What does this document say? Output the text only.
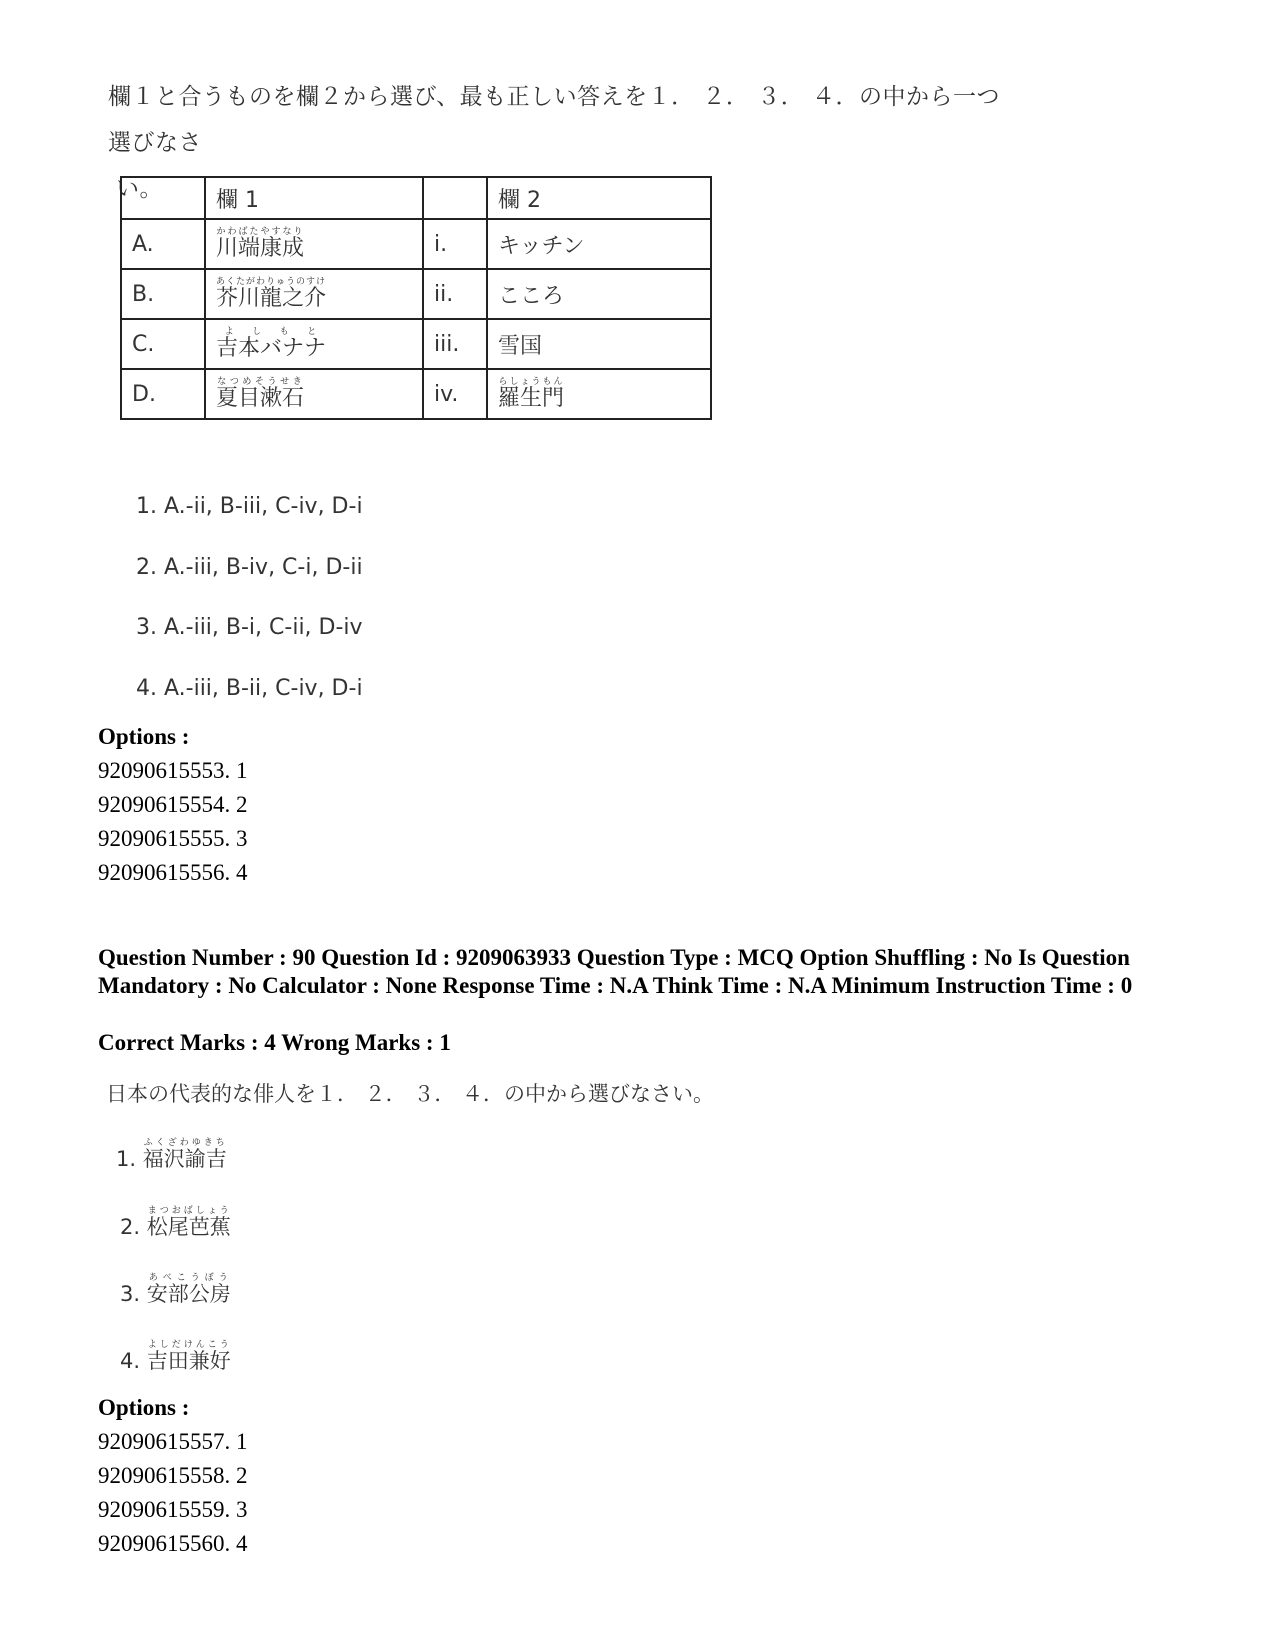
欄１と合うものを欄２から選び、最も正しい答えを１． ２． ３． ４．の中から一つ選びなさ
い。
		欄 1		欄 2
A.	川端康成かわばたやすなり	i.	キッチン
B.	芥川龍之介あくたがわりゅうのすけ	ii.	こころ
C.	吉本バナナよしもと	iii.	雪国
D.	夏目漱石なつめそうせき	iv.	羅生門らしょうもん
1. A.-ii, B-iii, C-iv, D-i
2. A.-iii, B-iv, C-i, D-ii
3. A.-iii, B-i, C-ii, D-iv
4. A.-iii, B-ii, C-iv, D-i
Options :
92090615553. 1
92090615554. 2
92090615555. 3
92090615556. 4
Question Number : 90 Question Id : 9209063933 Question Type : MCQ Option Shuffling : No Is Question Mandatory : No Calculator : None Response Time : N.A Think Time : N.A Minimum Instruction Time : 0
Correct Marks : 4 Wrong Marks : 1
日本の代表的な俳人を１． ２． ３． ４．の中から選びなさい。
1. 福沢諭吉ふくざわゆきち
2. 松尾芭蕉まつおばしょう
3. 安部公房あべこうぼう
4. 吉田兼好よしだけんこう
Options :
92090615557. 1
92090615558. 2
92090615559. 3
92090615560. 4
